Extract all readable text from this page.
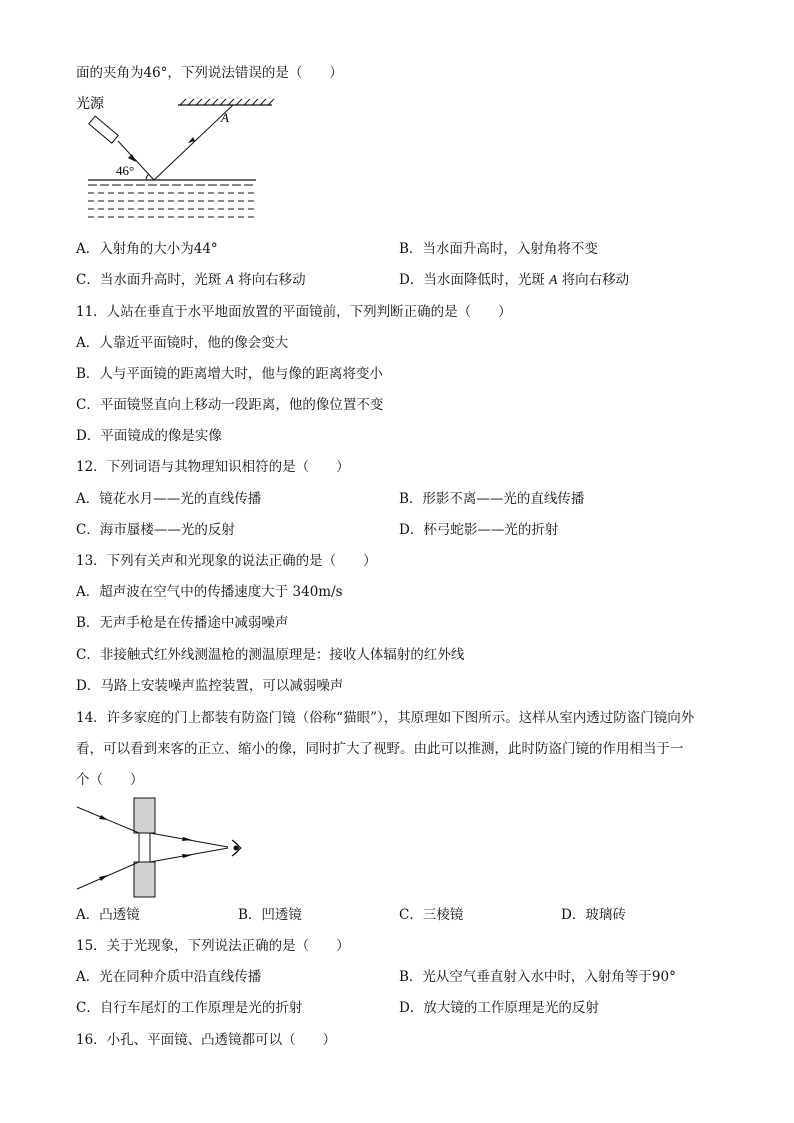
面的夹角为46°，下列说法错误的是（　　）
光源
A
46°
A．入射角的大小为44°	B．当水面升高时，入射角将不变
C．当水面升高时，光斑 A 将向右移动	D．当水面降低时，光斑 A 将向右移动
11．人站在垂直于水平地面放置的平面镜前，下列判断正确的是（　　）
A．人靠近平面镜时，他的像会变大
B．人与平面镜的距离增大时，他与像的距离将变小
C．平面镜竖直向上移动一段距离，他的像位置不变
D．平面镜成的像是实像
12．下列词语与其物理知识相符的是（　　）
A．镜花水月——光的直线传播	B．形影不离——光的直线传播
C．海市蜃楼——光的反射	D．杯弓蛇影——光的折射
13．下列有关声和光现象的说法正确的是（　　）
A．超声波在空气中的传播速度大于 340m/s
B．无声手枪是在传播途中减弱噪声
C．非接触式红外线测温枪的测温原理是：接收人体辐射的红外线
D．马路上安装噪声监控装置，可以减弱噪声
14．许多家庭的门上都装有防盗门镜（俗称“猫眼”），其原理如下图所示。这样从室内透过防盗门镜向外
看，可以看到来客的正立、缩小的像，同时扩大了视野。由此可以推测，此时防盗门镜的作用相当于一
个（　　）
A．凸透镜	B．凹透镜	C．三棱镜	D．玻璃砖
15．关于光现象，下列说法正确的是（　　）
A．光在同种介质中沿直线传播	B．光从空气垂直射入水中时，入射角等于90°
C．自行车尾灯的工作原理是光的折射	D．放大镜的工作原理是光的反射
16．小孔、平面镜、凸透镜都可以（　　）
